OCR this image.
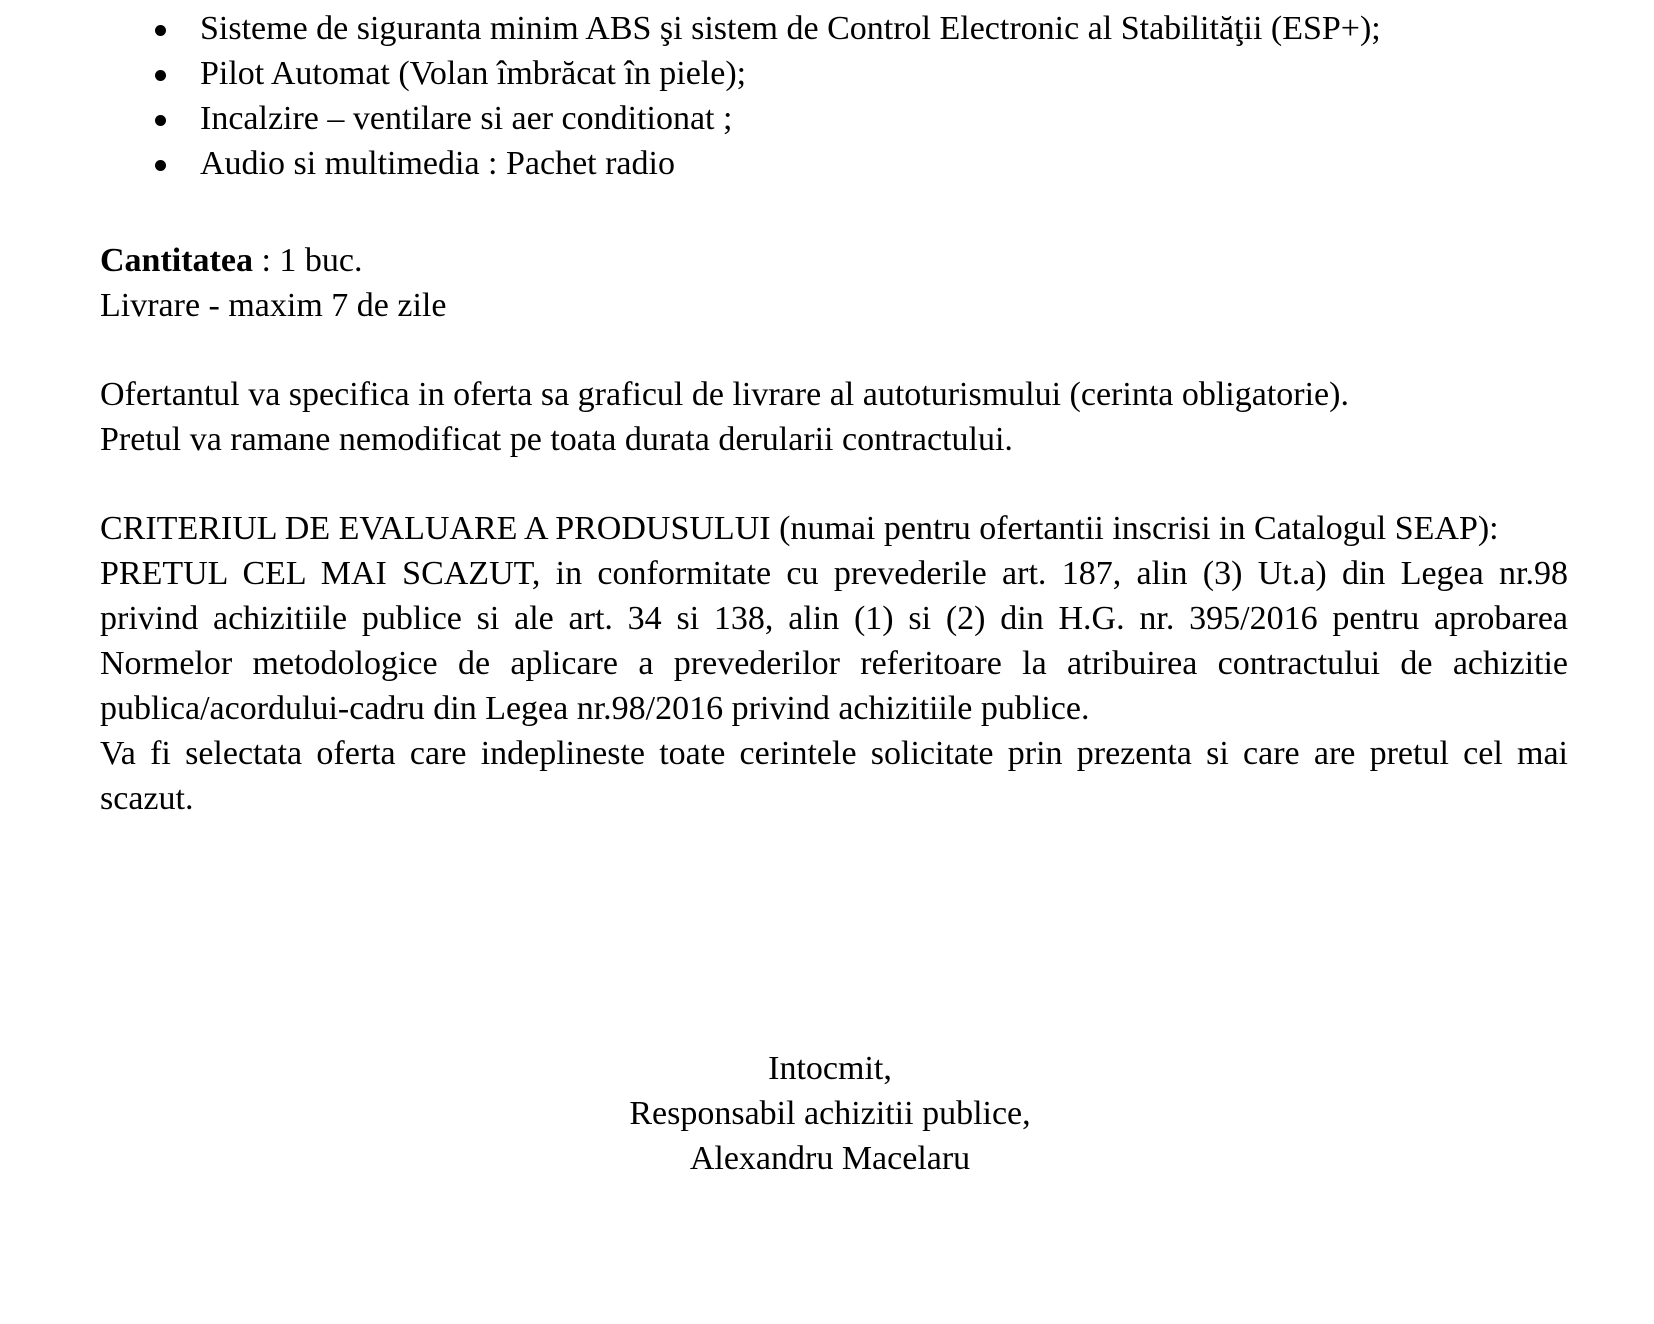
Sisteme de siguranta minim ABS şi sistem de Control Electronic al Stabilităţii (ESP+);
Pilot Automat (Volan îmbrăcat în piele);
Incalzire – ventilare si aer conditionat ;
Audio si multimedia : Pachet radio
Cantitatea : 1 buc.
Livrare - maxim 7 de zile
Ofertantul va specifica in oferta sa graficul de livrare al autoturismului (cerinta obligatorie).
Pretul va ramane nemodificat pe toata durata derularii contractului.
CRITERIUL DE EVALUARE A PRODUSULUI (numai pentru ofertantii inscrisi in Catalogul SEAP):
PRETUL CEL MAI SCAZUT, in conformitate cu prevederile art. 187, alin (3) Ut.a) din Legea nr.98 privind achizitiile publice si ale art. 34 si 138, alin (1) si (2) din H.G. nr. 395/2016 pentru aprobarea Normelor metodologice de aplicare a prevederilor referitoare la atribuirea contractului de achizitie publica/acordului-cadru din Legea nr.98/2016 privind achizitiile publice.
Va fi selectata oferta care indeplineste toate cerintele solicitate prin prezenta si care are pretul cel mai scazut.
Intocmit,
Responsabil achizitii publice,
Alexandru Macelaru
